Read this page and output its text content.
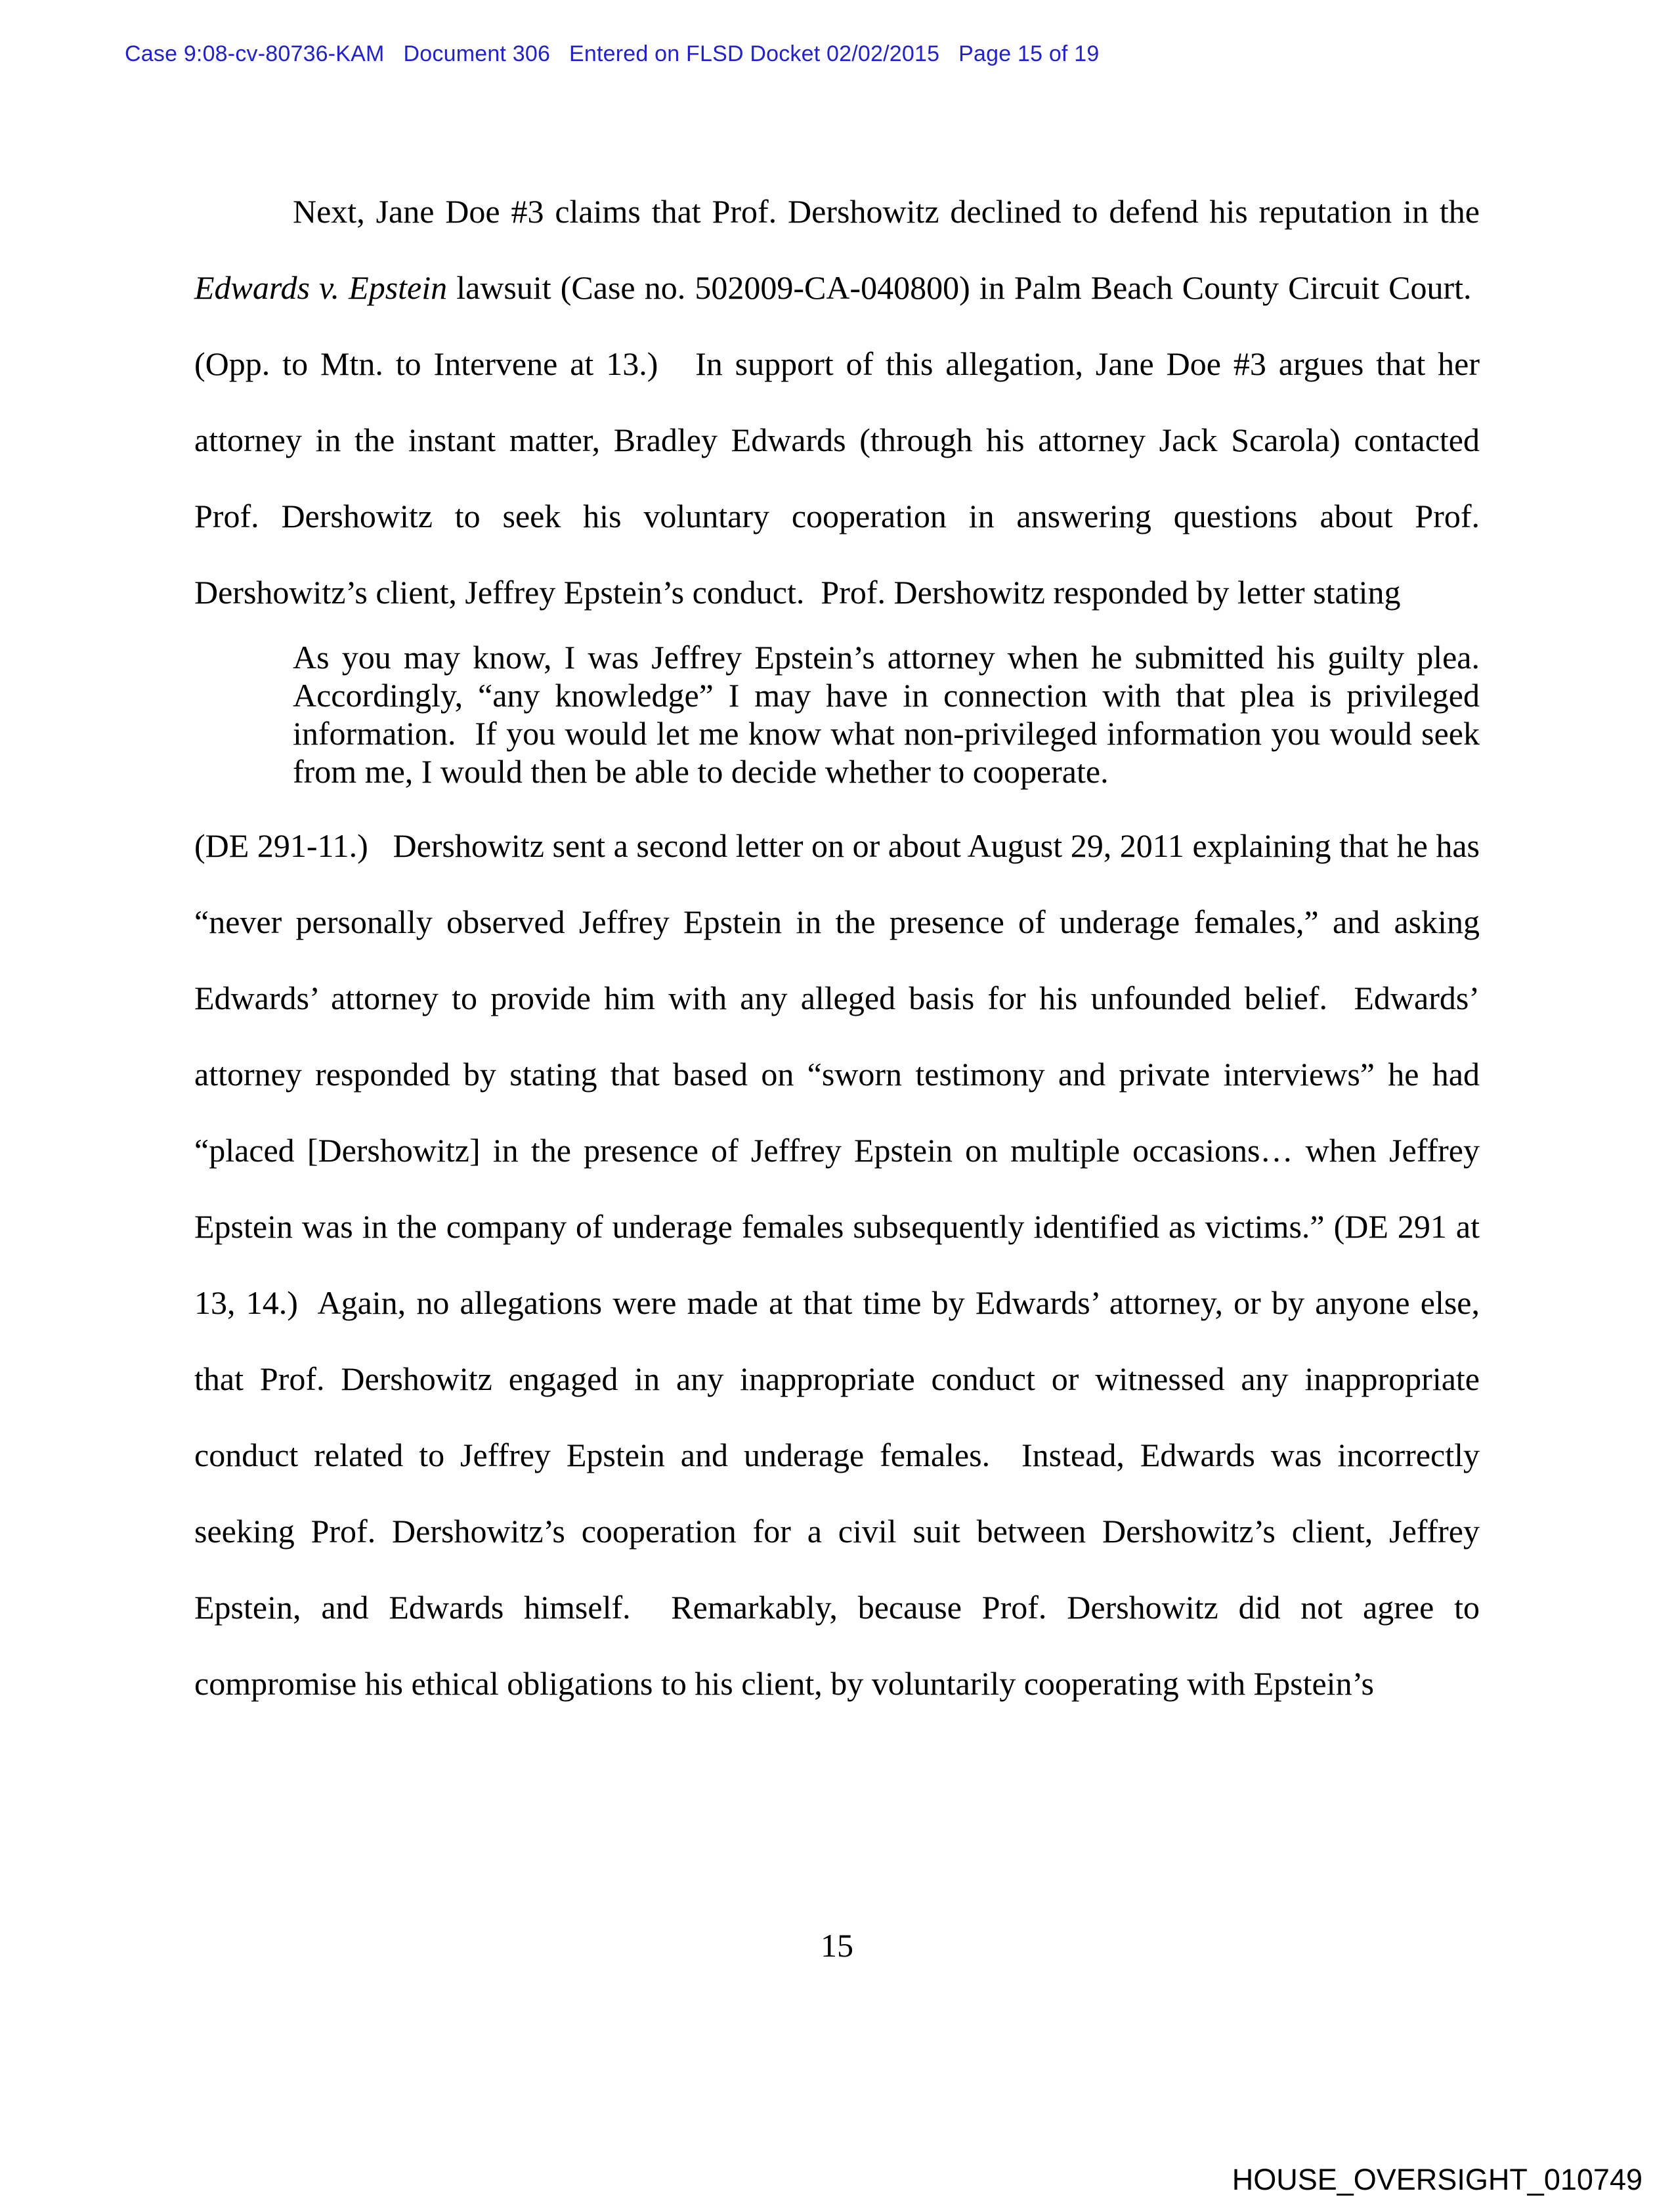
Case 9:08-cv-80736-KAM   Document 306   Entered on FLSD Docket 02/02/2015   Page 15 of 19

Next, Jane Doe #3 claims that Prof. Dershowitz declined to defend his reputation in the Edwards v. Epstein lawsuit (Case no. 502009-CA-040800) in Palm Beach County Circuit Court.  (Opp. to Mtn. to Intervene at 13.)   In support of this allegation, Jane Doe #3 argues that her attorney in the instant matter, Bradley Edwards (through his attorney Jack Scarola) contacted Prof. Dershowitz to seek his voluntary cooperation in answering questions about Prof. Dershowitz’s client, Jeffrey Epstein’s conduct.  Prof. Dershowitz responded by letter stating

As you may know, I was Jeffrey Epstein’s attorney when he submitted his guilty plea. Accordingly, “any knowledge” I may have in connection with that plea is privileged information.  If you would let me know what non-privileged information you would seek from me, I would then be able to decide whether to cooperate.

(DE 291-11.)   Dershowitz sent a second letter on or about August 29, 2011 explaining that he has “never personally observed Jeffrey Epstein in the presence of underage females,” and asking Edwards’ attorney to provide him with any alleged basis for his unfounded belief.  Edwards’ attorney responded by stating that based on “sworn testimony and private interviews” he had “placed [Dershowitz] in the presence of Jeffrey Epstein on multiple occasions… when Jeffrey Epstein was in the company of underage females subsequently identified as victims.” (DE 291 at 13, 14.)  Again, no allegations were made at that time by Edwards’ attorney, or by anyone else, that Prof. Dershowitz engaged in any inappropriate conduct or witnessed any inappropriate conduct related to Jeffrey Epstein and underage females.  Instead, Edwards was incorrectly seeking Prof. Dershowitz’s cooperation for a civil suit between Dershowitz’s client, Jeffrey Epstein, and Edwards himself.  Remarkably, because Prof. Dershowitz did not agree to compromise his ethical obligations to his client, by voluntarily cooperating with Epstein’s

15
HOUSE_OVERSIGHT_010749
